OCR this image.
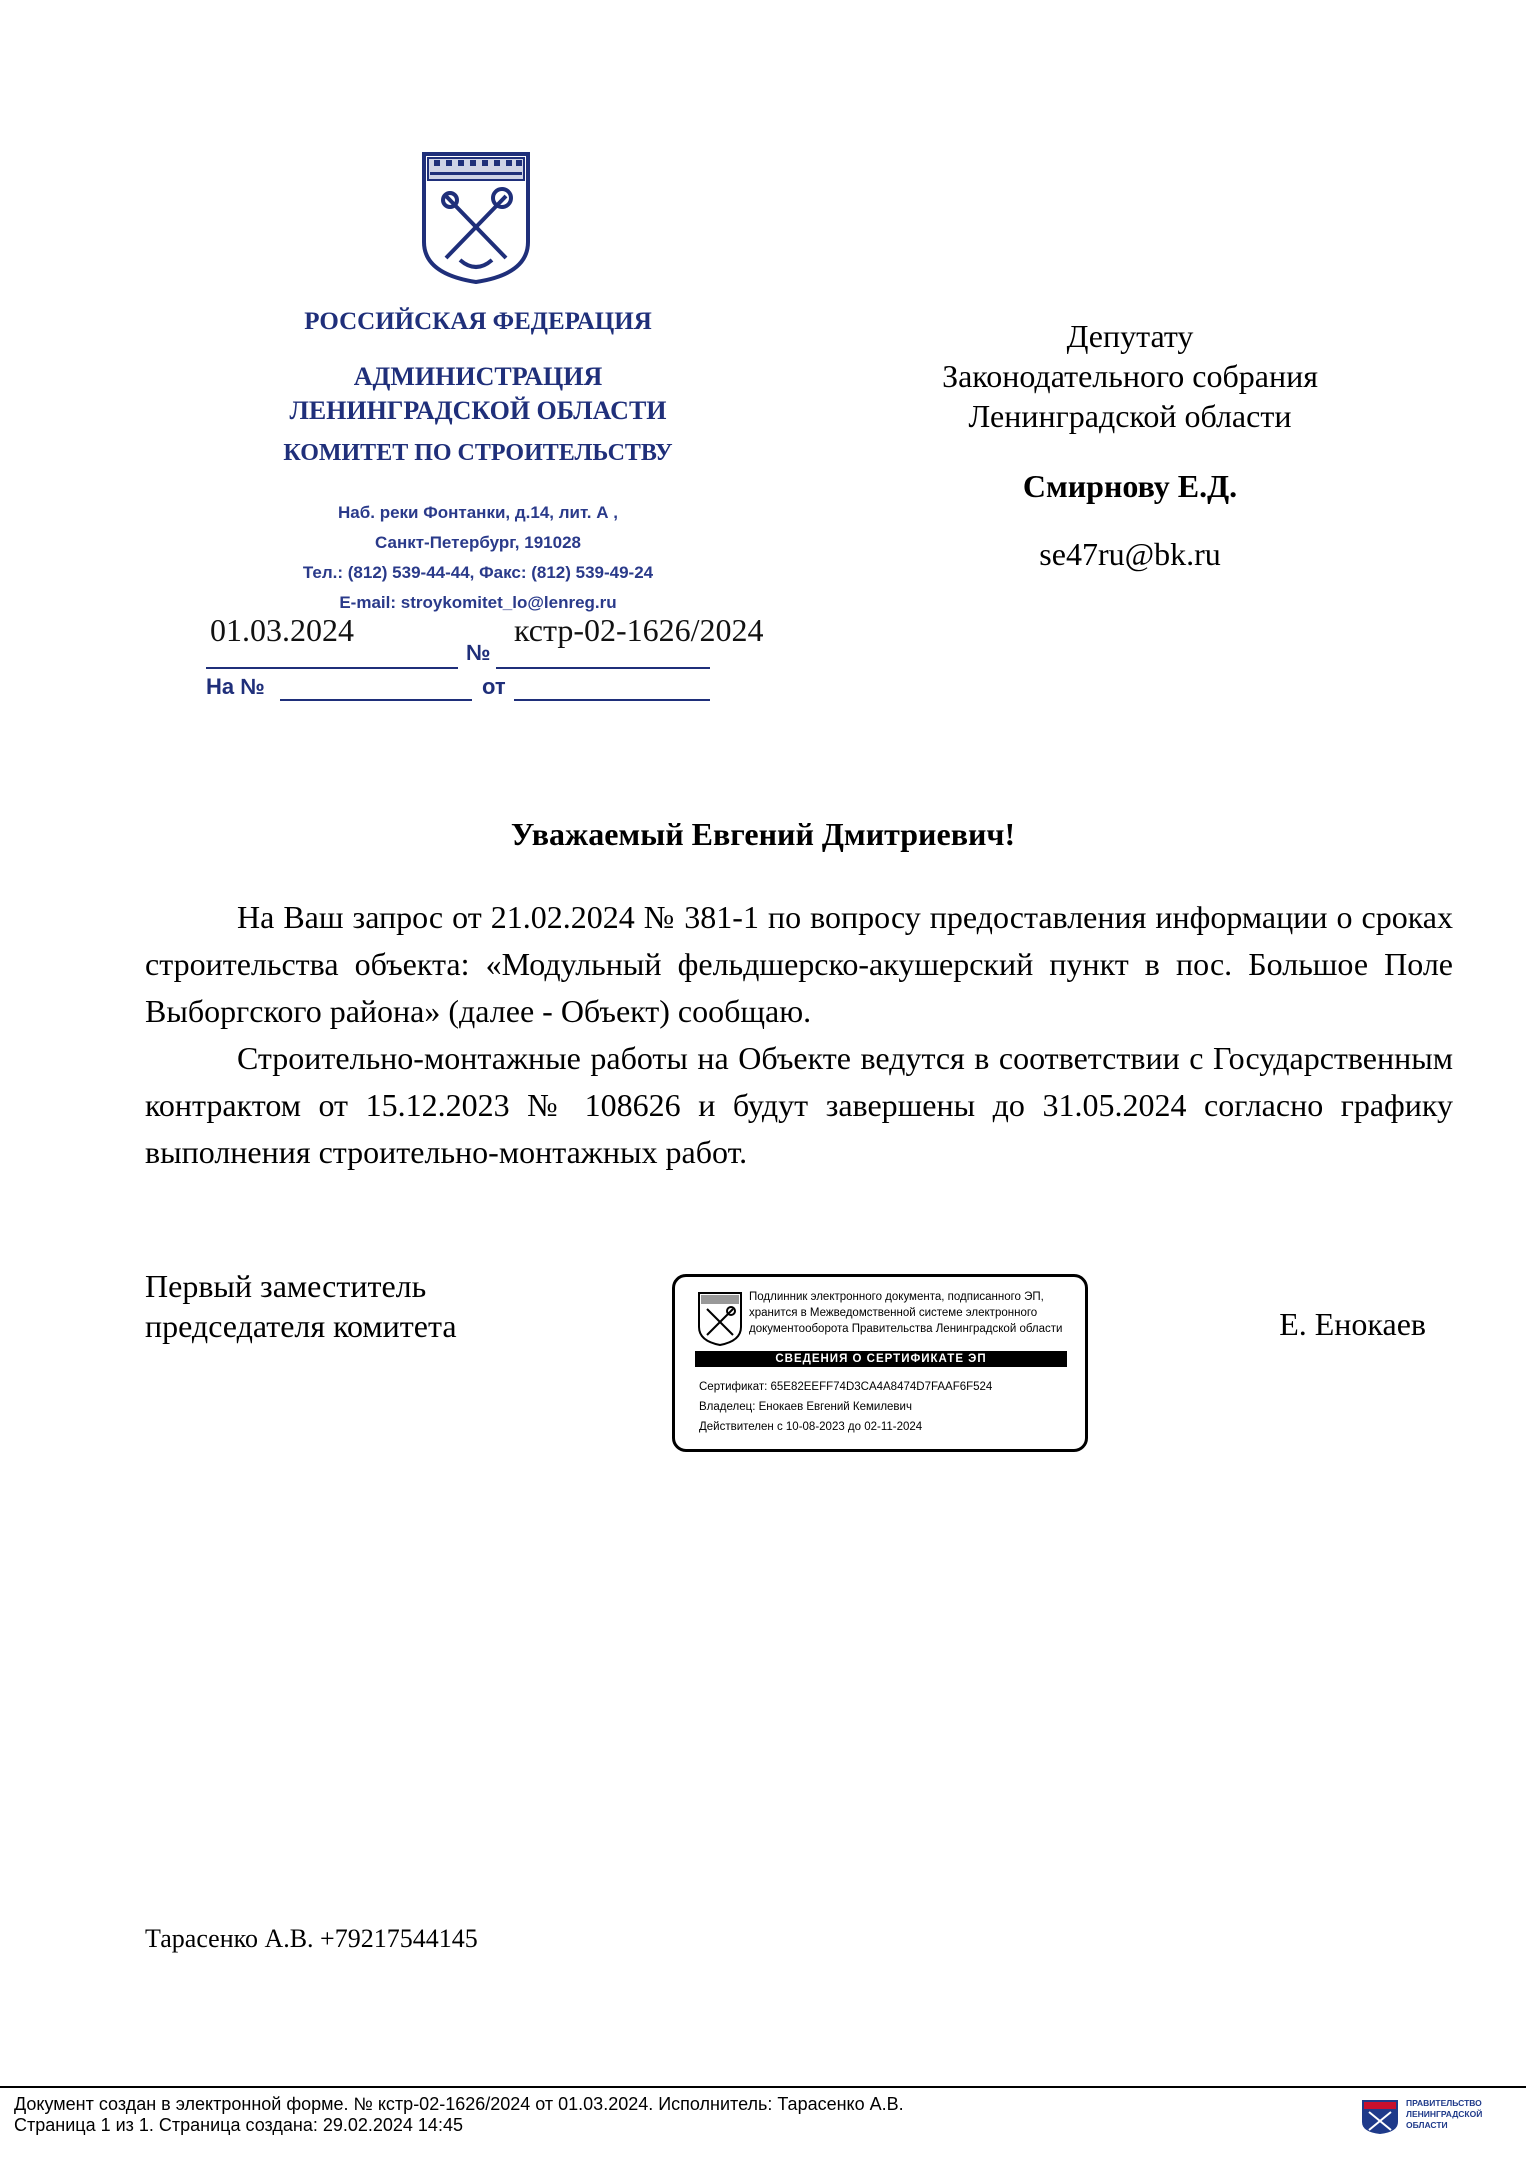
РОССИЙСКАЯ ФЕДЕРАЦИЯ
АДМИНИСТРАЦИЯ
ЛЕНИНГРАДСКОЙ ОБЛАСТИ
КОМИТЕТ ПО СТРОИТЕЛЬСТВУ
Наб. реки Фонтанки, д.14, лит. А ,
Санкт-Петербург, 191028
Тел.: (812) 539-44-44, Факс: (812) 539-49-24
E-mail: stroykomitet_lo@lenreg.ru
01.03.2024
№
кстр-02-1626/2024
На №	от
Депутату
Законодательного собрания
Ленинградской области
Смирнову Е.Д.
se47ru@bk.ru
Уважаемый Евгений Дмитриевич!

На Ваш запрос от 21.02.2024 № 381-1 по вопросу предоставления информации о сроках строительства объекта: «Модульный фельдшерско-акушерский пункт в пос. Большое Поле Выборгского района» (далее - Объект) сообщаю.

Строительно-монтажные работы на Объекте ведутся в соответствии с Государственным контрактом от 15.12.2023 № 108626 и будут завершены до 31.05.2024 согласно графику выполнения строительно-монтажных работ.

Первый заместитель
председателя комитета
Подлинник электронного документа, подписанного ЭП,
хранится в Межведомственной системе электронного
документооборота Правительства Ленинградской области
СВЕДЕНИЯ О СЕРТИФИКАТЕ ЭП
Сертификат: 65E82EEFF74D3CA4A8474D7FAAF6F524
Владелец: Енокаев Евгений Кемилевич
Действителен с 10-08-2023 до 02-11-2024
Е. Енокаев
Тарасенко А.В. +79217544145
Документ создан в электронной форме. № кстр-02-1626/2024 от 01.03.2024. Исполнитель: Тарасенко А.В.
Страница 1 из 1. Страница создана: 29.02.2024 14:45
ПРАВИТЕЛЬСТВО
ЛЕНИНГРАДСКОЙ
ОБЛАСТИ
